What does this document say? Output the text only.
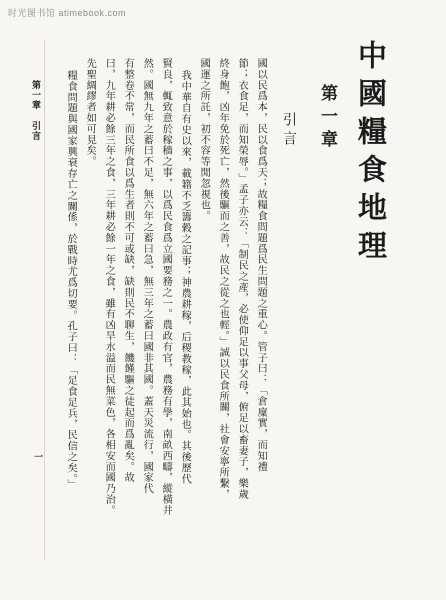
时光图书馆 atimebook.com
中國糧食地理
第一章
引言
國以民爲本，民以食爲天；故糧食問題爲民生問題之重心。管子曰：「倉廩實，而知禮
節；衣食足，而知榮辱。」孟子亦云：「制民之產，必使仰足以事父母，俯足以畜妻子，樂歲
終身飽，凶年免於死亡，然後驅而之善，故民之從之也輕。」誠以民食所關，社會安寧所繫，
國運之所託，初不容等閒忽視也。
我中華自有史以來，載籍不乏籌穀之記事；神農耕稼，后稷教稼，此其始也。其後歷代
賢良，輒致意於稼穡之事，以爲民食爲立國要務之一。農政有官，農務有學，南畝西疇，縱橫井
然。國無九年之蓄曰不足，無六年之蓄曰急，無三年之蓄曰國非其國。蓋天災流行，國家代
有整卷不常，而民所食以爲生者則不可或缺，缺則民不聊生，饑饉驅之徒起而爲亂矣。故
曰，九年耕必餘三年之食，三年耕必餘一年之食，雖有凶旱水溢而民無菜色，各相安而國乃治。
先聖綢繆者如可見矣。
糧食問題與國家興衰存亡之關係，於戰時尤爲切要。孔子曰：「足食足兵，民信之矣。」
第一章 引言
一
